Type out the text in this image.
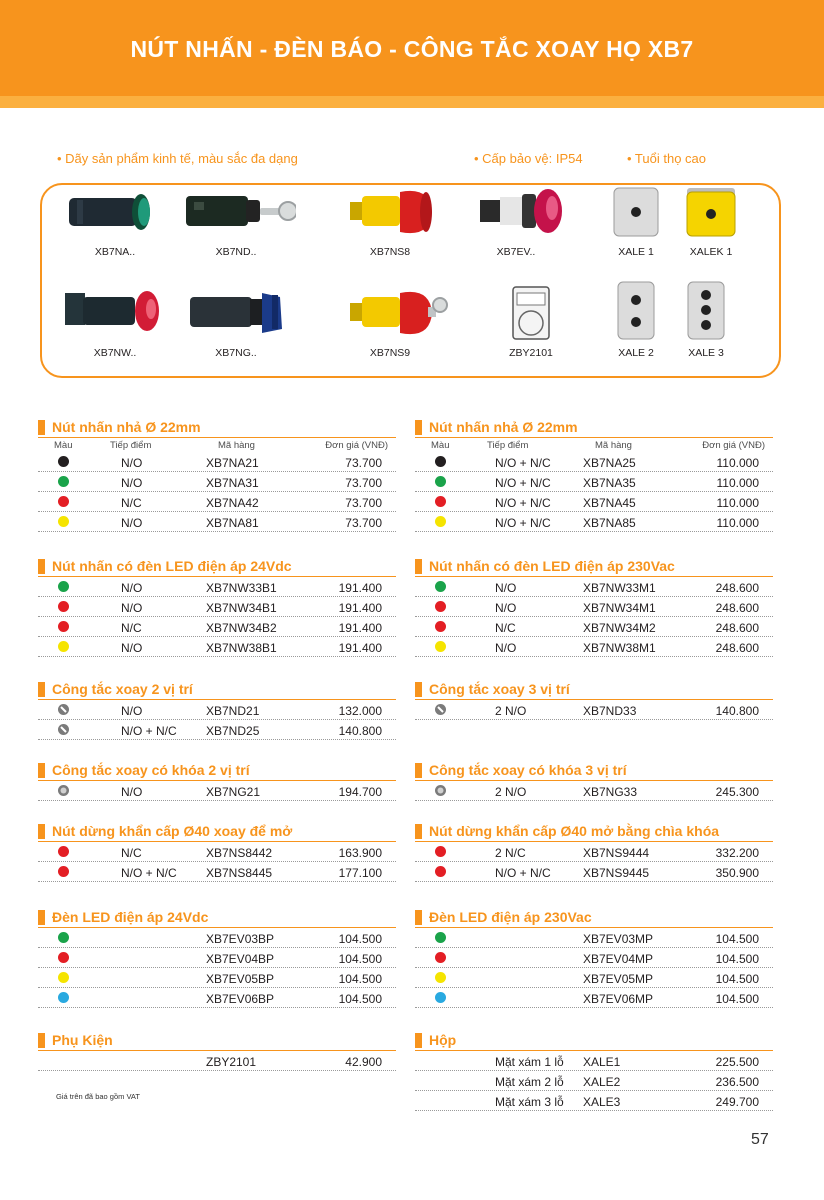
NÚT NHẤN - ĐÈN BÁO - CÔNG TẮC XOAY HỌ XB7
• Dãy sản phẩm kinh tế, màu sắc đa dạng	• Cấp bảo vệ: IP54	• Tuổi thọ cao
XB7NA..	XB7ND..	XB7NS8	XB7EV..	XALE 1	XALEK 1
XB7NW..	XB7NG..	XB7NS9	ZBY2101	XALE 2	XALE 3
Nút nhấn nhả Ø 22mm
Màu	Tiếp điểm	Mã hàng	Đơn giá (VNĐ)
N/O	XB7NA21	73.700
N/O	XB7NA31	73.700
N/C	XB7NA42	73.700
N/O	XB7NA81	73.700
Nút nhấn nhả Ø 22mm
Màu	Tiếp điểm	Mã hàng	Đơn giá (VNĐ)
N/O + N/C	XB7NA25	110.000
N/O + N/C	XB7NA35	110.000
N/O + N/C	XB7NA45	110.000
N/O + N/C	XB7NA85	110.000
Nút nhấn có đèn LED điện áp 24Vdc
N/O	XB7NW33B1	191.400
N/O	XB7NW34B1	191.400
N/C	XB7NW34B2	191.400
N/O	XB7NW38B1	191.400
Nút nhấn có đèn LED điện áp 230Vac
N/O	XB7NW33M1	248.600
N/O	XB7NW34M1	248.600
N/C	XB7NW34M2	248.600
N/O	XB7NW38M1	248.600
Công tắc xoay 2 vị trí
N/O	XB7ND21	132.000
N/O + N/C XB7ND25	140.800
Công tắc xoay 3 vị trí
2 N/O	XB7ND33	140.800
Công tắc xoay có khóa 2 vị trí
N/O	XB7NG21	194.700
Công tắc xoay có khóa 3 vị trí
2 N/O	XB7NG33	245.300
Nút dừng khẩn cấp Ø40 xoay để mở
N/C	XB7NS8442	163.900
N/O + N/C XB7NS8445	177.100
Nút dừng khẩn cấp Ø40 mở bằng chìa khóa
2 N/C	XB7NS9444	332.200
N/O + N/C	XB7NS9445	350.900
Đèn LED điện áp 24Vdc
XB7EV03BP	104.500
XB7EV04BP	104.500
XB7EV05BP	104.500
XB7EV06BP	104.500
Đèn LED điện áp 230Vac
XB7EV03MP	104.500
XB7EV04MP	104.500
XB7EV05MP	104.500
XB7EV06MP	104.500
Phụ Kiện
ZBY2101	42.900
Hộp
Mặt xám 1 lỗ XALE1	225.500
Mặt xám 2 lỗ XALE2	236.500
Mặt xám 3 lỗ XALE3	249.700
Giá trên đã bao gồm VAT
57
